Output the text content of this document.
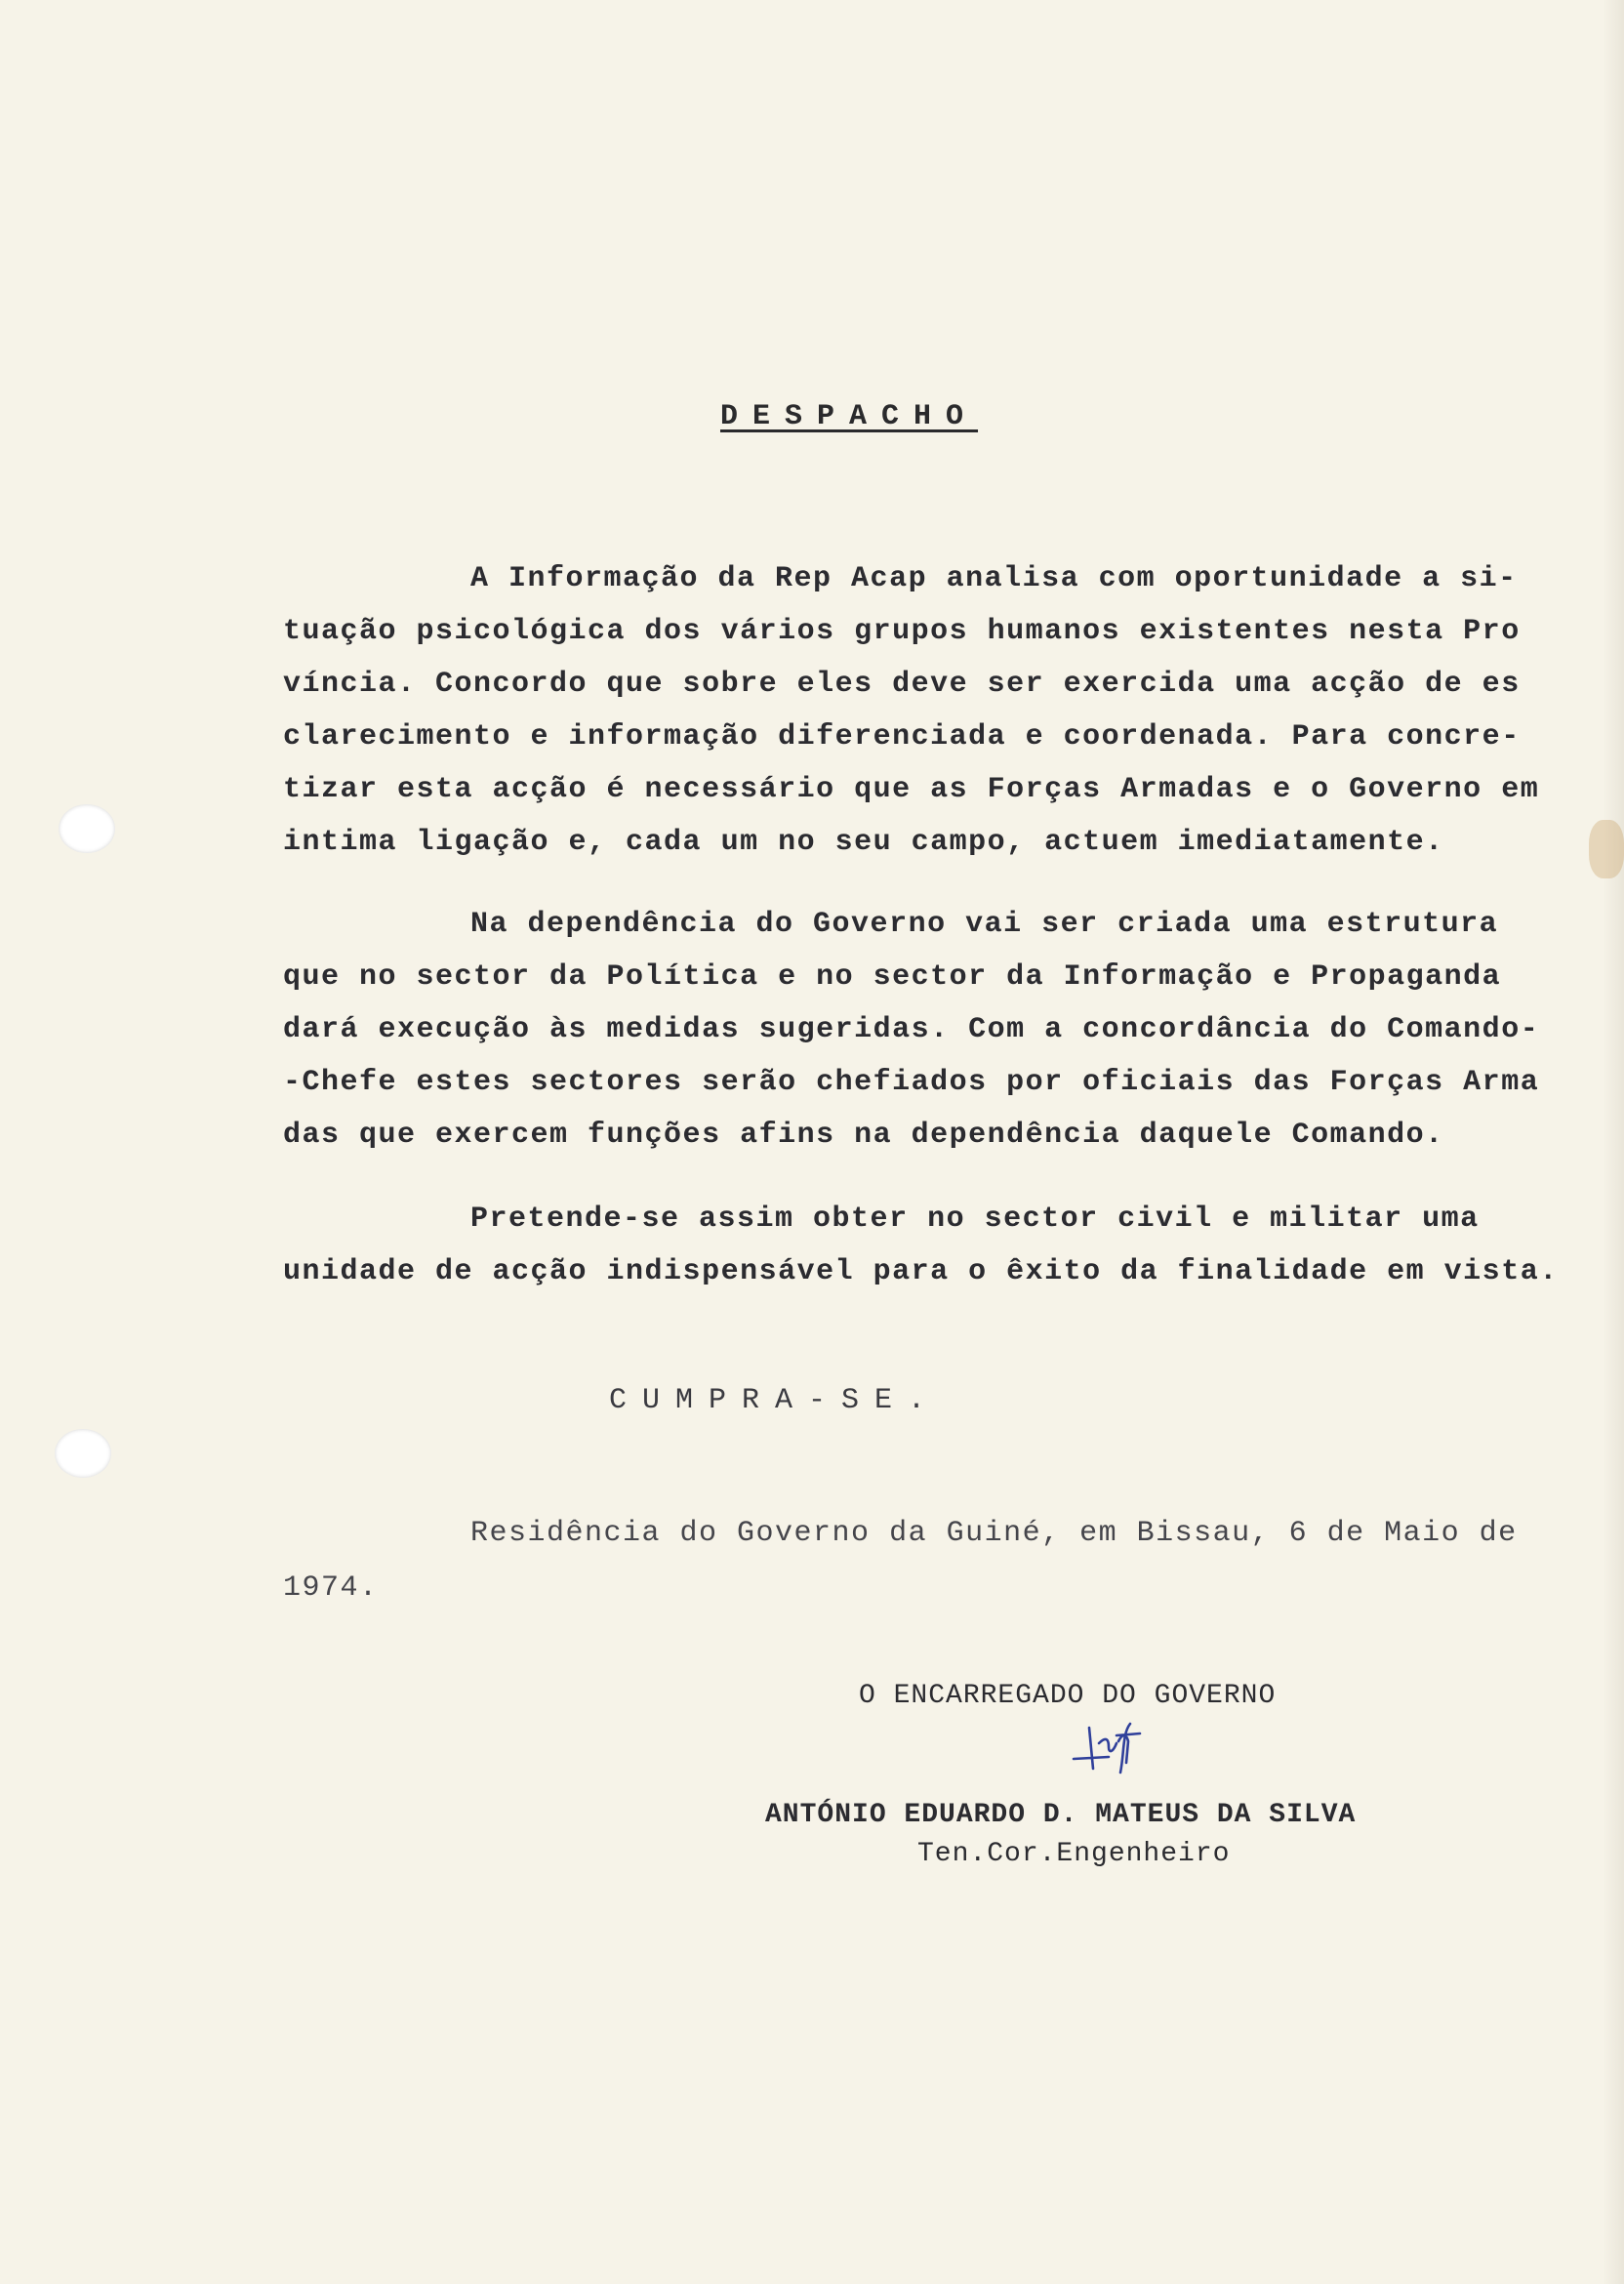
DESPACHO

A Informação da Rep Acap analisa com oportunidade a si-

tuação psicológica dos vários grupos humanos existentes nesta Pro

víncia. Concordo que sobre eles deve ser exercida uma acção de es

clarecimento e informação diferenciada e coordenada. Para concre-

tizar esta acção é necessário que as Forças Armadas e o Governo em

intima ligação e, cada um no seu campo, actuem imediatamente.

Na dependência do Governo vai ser criada uma estrutura

que no sector da Política e no sector da Informação e Propaganda

dará execução às medidas sugeridas. Com a concordância do Comando-

-Chefe estes sectores serão chefiados por oficiais das Forças Arma

das que exercem funções afins na dependência daquele Comando.

Pretende-se assim obter no sector civil e militar uma

unidade de acção indispensável para o êxito da finalidade em vista.

CUMPRA-SE.

Residência do Governo da Guiné, em Bissau, 6 de Maio de

1974.

O ENCARREGADO DO GOVERNO

ANTÓNIO EDUARDO D. MATEUS DA SILVA

Ten.Cor.Engenheiro
